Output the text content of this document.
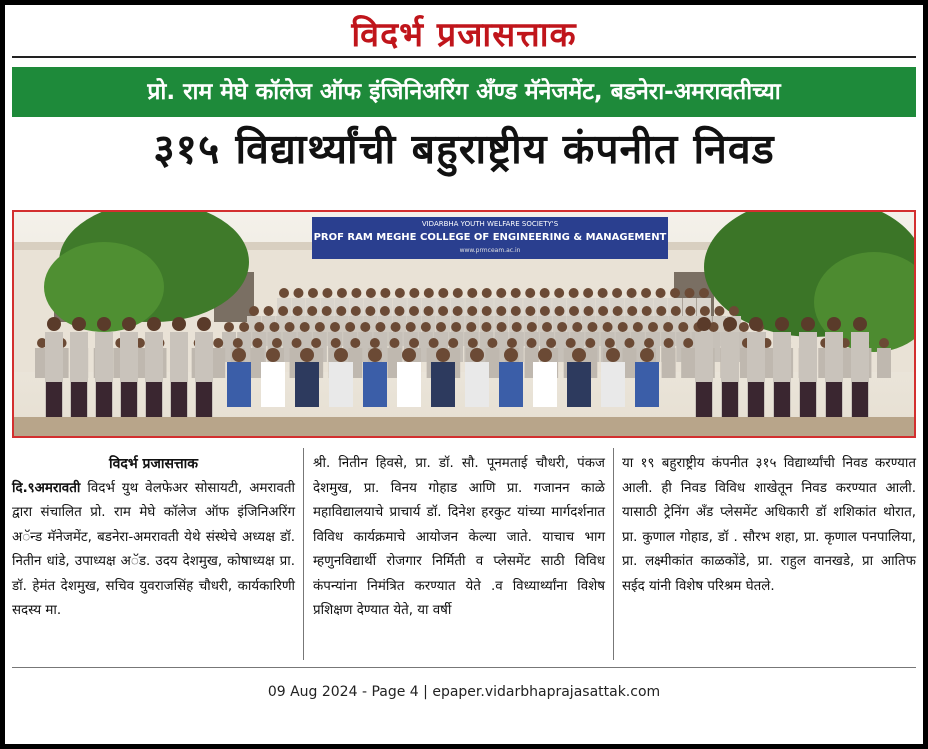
विदर्भ प्रजासत्ताक
प्रो. राम मेघे कॉलेज ऑफ इंजिनिअरिंग अँण्ड मॅनेजमेंट, बडनेरा-अमरावतीच्या
३१५ विद्यार्थ्यांची बहुराष्ट्रीय कंपनीत निवड
VIDARBHA YOUTH WELFARE SOCIETY'S
PROF RAM MEGHE COLLEGE OF ENGINEERING & MANAGEMENT
www.prmceam.ac.in
विदर्भ प्रजासत्ताक
दि.९अमरावती विदर्भ युथ वेलफेअर सोसायटी, अमरावती द्वारा संचालित प्रो. राम मेघे कॉलेज ऑफ इंजिनिअरिंग अॅन्ड मॅनेजमेंट, बडनेरा-अमरावती येथे संस्थेचे अध्यक्ष डॉ. नितीन धांडे, उपाध्यक्ष अॅड. उदय देशमुख, कोषाध्यक्ष प्रा. डॉ. हेमंत देशमुख, सचिव युवराजसिंह चौधरी, कार्यकारिणी सदस्य मा.
श्री. नितीन हिवसे, प्रा. डॉ. सौ. पूनमताई चौधरी, पंकज देशमुख, प्रा. विनय गोहाड आणि प्रा. गजानन काळे महाविद्यालयाचे प्राचार्य डॉ. दिनेश हरकुट यांच्या मार्गदर्शनात विविध कार्यक्रमाचे आयोजन केल्या जाते. याचाच भाग म्हणुनविद्यार्थी रोजगार निर्मिती व प्लेसमेंट साठी विविध कंपन्यांना निमंत्रित करण्यात येते .व विध्यार्थ्यांना विशेष प्रशिक्षण देण्यात येते, या वर्षी
या १९ बहुराष्ट्रीय कंपनीत ३१५ विद्यार्थ्यांची निवड करण्यात आली. ही निवड विविध शाखेतून निवड करण्यात आली. यासाठी ट्रेनिंग अँड प्लेसमेंट अधिकारी डॉ शशिकांत थोरात, प्रा. कुणाल गोहाड, डॉ . सौरभ शहा, प्रा. कृणाल पनपालिया, प्रा. लक्ष्मीकांत काळकोंडे, प्रा. राहुल वानखडे, प्रा आतिफ सईद यांनी विशेष परिश्रम घेतले.
09 Aug 2024 - Page 4 | epaper.vidarbhaprajasattak.com
